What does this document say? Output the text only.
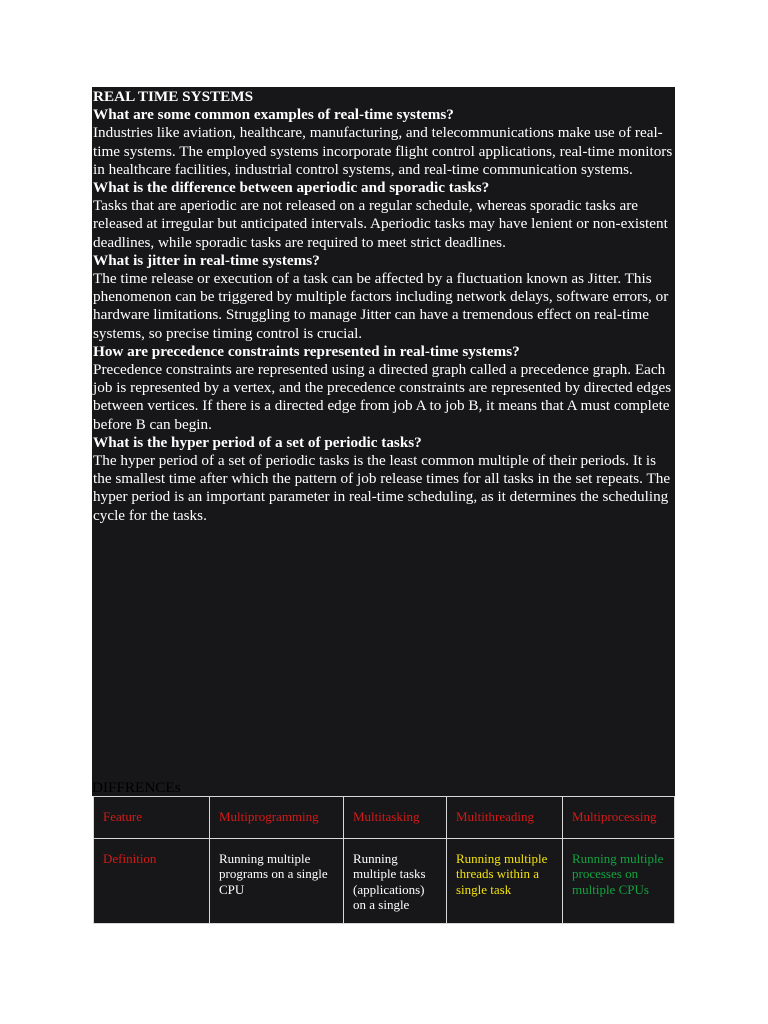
REAL TIME SYSTEMS

What are some common examples of real-time systems?

Industries like aviation, healthcare, manufacturing, and telecommunications make use of real-time systems. The employed systems incorporate flight control applications, real-time monitors in healthcare facilities, industrial control systems, and real-time communication systems.

What is the difference between aperiodic and sporadic tasks?

Tasks that are aperiodic are not released on a regular schedule, whereas sporadic tasks are released at irregular but anticipated intervals. Aperiodic tasks may have lenient or non-existent deadlines, while sporadic tasks are required to meet strict deadlines.

What is jitter in real-time systems?

The time release or execution of a task can be affected by a fluctuation known as Jitter. This phenomenon can be triggered by multiple factors including network delays, software errors, or hardware limitations. Struggling to manage Jitter can have a tremendous effect on real-time systems, so precise timing control is crucial.

How are precedence constraints represented in real-time systems?

Precedence constraints are represented using a directed graph called a precedence graph. Each job is represented by a vertex, and the precedence constraints are represented by directed edges between vertices. If there is a directed edge from job A to job B, it means that A must complete before B can begin.

What is the hyper period of a set of periodic tasks?

The hyper period of a set of periodic tasks is the least common multiple of their periods. It is the smallest time after which the pattern of job release times for all tasks in the set repeats. The hyper period is an important parameter in real-time scheduling, as it determines the scheduling cycle for the tasks.

DIFFRENCEs
Feature	Multiprogramming	Multitasking	Multithreading	Multiprocessing
Definition	Running multiple programs on a single CPU	Running multiple tasks (applications) on a single	Running multiple threads within a single task	Running multiple processes on multiple CPUs
